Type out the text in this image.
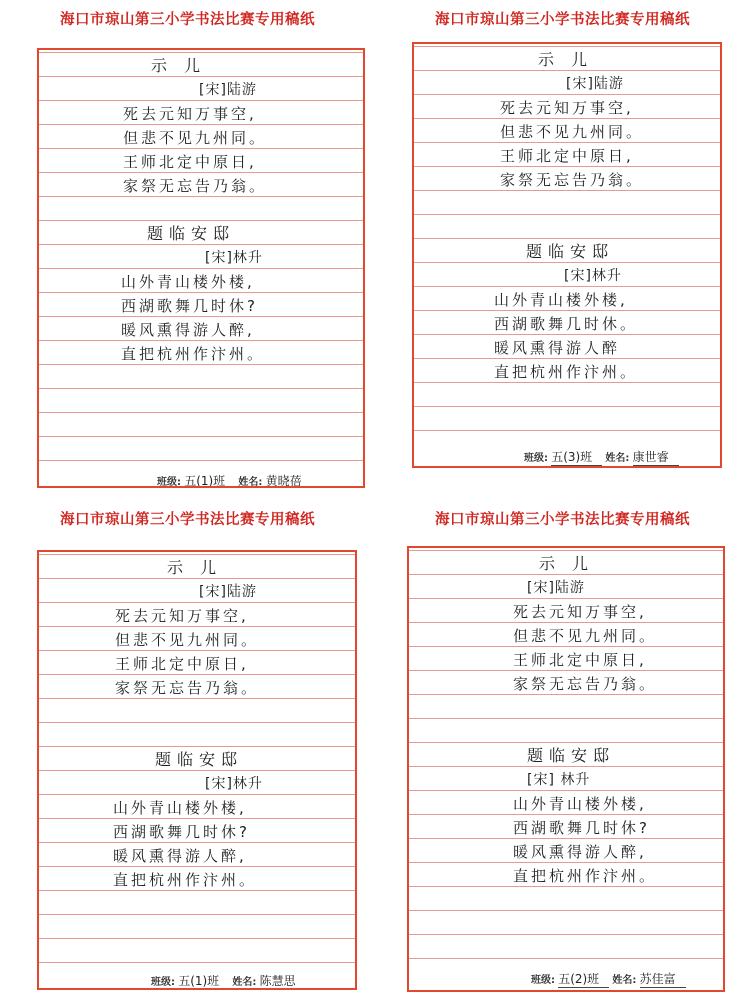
海口市琼山第三小学书法比赛专用稿纸
示 儿
[宋]陆游
死去元知万事空,
但悲不见九州同。
王师北定中原日,
家祭无忘告乃翁。
题临安邸
[宋]林升
山外青山楼外楼,
西湖歌舞几时休?
暖风熏得游人醉,
直把杭州作汴州。
班级: 五(1)班 姓名: 黄晓蓓
海口市琼山第三小学书法比赛专用稿纸
示 儿
[宋]陆游
死去元知万事空,
但悲不见九州同。
王师北定中原日,
家祭无忘告乃翁。
题临安邸
[宋]林升
山外青山楼外楼,
西湖歌舞几时休。
暖风熏得游人醉
直把杭州作汴州。
班级: 五(3)班 姓名: 康世睿
海口市琼山第三小学书法比赛专用稿纸
示 儿
[宋]陆游
死去元知万事空,
但悲不见九州同。
王师北定中原日,
家祭无忘告乃翁。
题临安邸
[宋]林升
山外青山楼外楼,
西湖歌舞几时休?
暖风熏得游人醉,
直把杭州作汴州。
班级: 五(1)班 姓名: 陈慧思
海口市琼山第三小学书法比赛专用稿纸
示 儿
[宋]陆游
死去元知万事空,
但悲不见九州同。
王师北定中原日,
家祭无忘告乃翁。
题临安邸
[宋] 林升
山外青山楼外楼,
西湖歌舞几时休?
暖风熏得游人醉,
直把杭州作汴州。
班级: 五(2)班 姓名: 苏佳富
